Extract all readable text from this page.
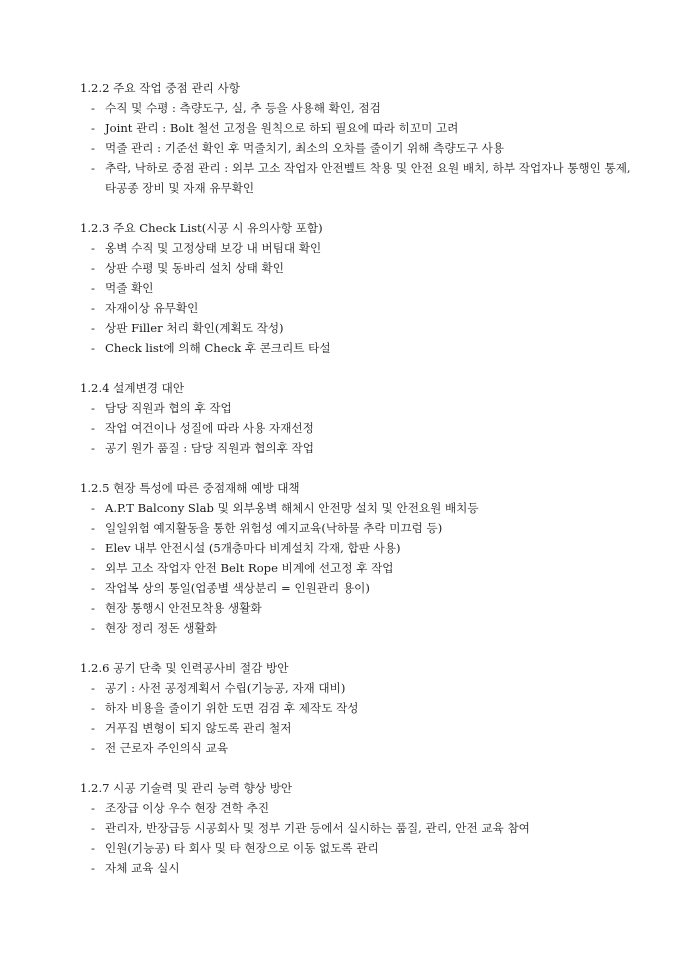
1.2.2 주요 작업 중점 관리 사항
- 수직 및 수평 : 측량도구, 실, 추 등을 사용해 확인, 점검
- Joint 관리 : Bolt 철선 고정을 원칙으로 하되 필요에 따라 히꼬미 고려
- 먹줄 관리 : 기준선 확인 후 먹줄치기, 최소의 오차를 줄이기 위해 측량도구 사용
- 추락, 낙하로 중점 관리 : 외부 고소 작업자 안전벨트 착용 및 안전 요원 배치, 하부 작업자나 통행인 통제, 타공종 장비 및 자재 유무확인
1.2.3 주요 Check List(시공 시 유의사항 포함)
- 옹벽 수직 및 고정상태 보강 내 버팀대 확인
- 상판 수평 및 동바리 설치 상태 확인
- 먹줄 확인
- 자재이상 유무확인
- 상판 Filler 처리 확인(계획도 작성)
- Check list에 의해 Check 후 콘크리트 타설
1.2.4 설계변경 대안
- 담당 직원과 협의 후 작업
- 작업 여건이나 성질에 따라 사용 자재선정
- 공기 원가 품질 : 담당 직원과 협의후 작업
1.2.5 현장 특성에 따른 중점재해 예방 대책
- A.P.T Balcony Slab 및 외부옹벽 해체시 안전망 설치 및 안전요원 배치등
- 일일위험 예지활동을 통한 위험성 예지교육(낙하물 추락 미끄럼 등)
- Elev 내부 안전시설 (5개층마다 비계설치 각재, 합판 사용)
- 외부 고소 작업자 안전 Belt Rope 비계에 선고정 후 작업
- 작업복 상의 통일(업종별 색상분리 = 인원관리 용이)
- 현장 통행시 안전모착용 생활화
- 현장 정리 정돈 생활화
1.2.6 공기 단축 및 인력공사비 절감 방안
- 공기 : 사전 공정계획서 수립(기능공, 자재 대비)
- 하자 비용을 줄이기 위한 도면 검검 후 제작도 작성
- 거푸집 변형이 되지 않도록 관리 철저
- 전 근로자 주인의식 교육
1.2.7 시공 기술력 및 관리 능력 향상 방안
- 조장급 이상 우수 현장 견학 추진
- 관리자, 반장급등 시공회사 및 정부 기관 등에서 실시하는 품질, 관리, 안전 교육 참여
- 인원(기능공) 타 회사 및 타 현장으로 이동 없도록 관리
- 자체 교육 실시
